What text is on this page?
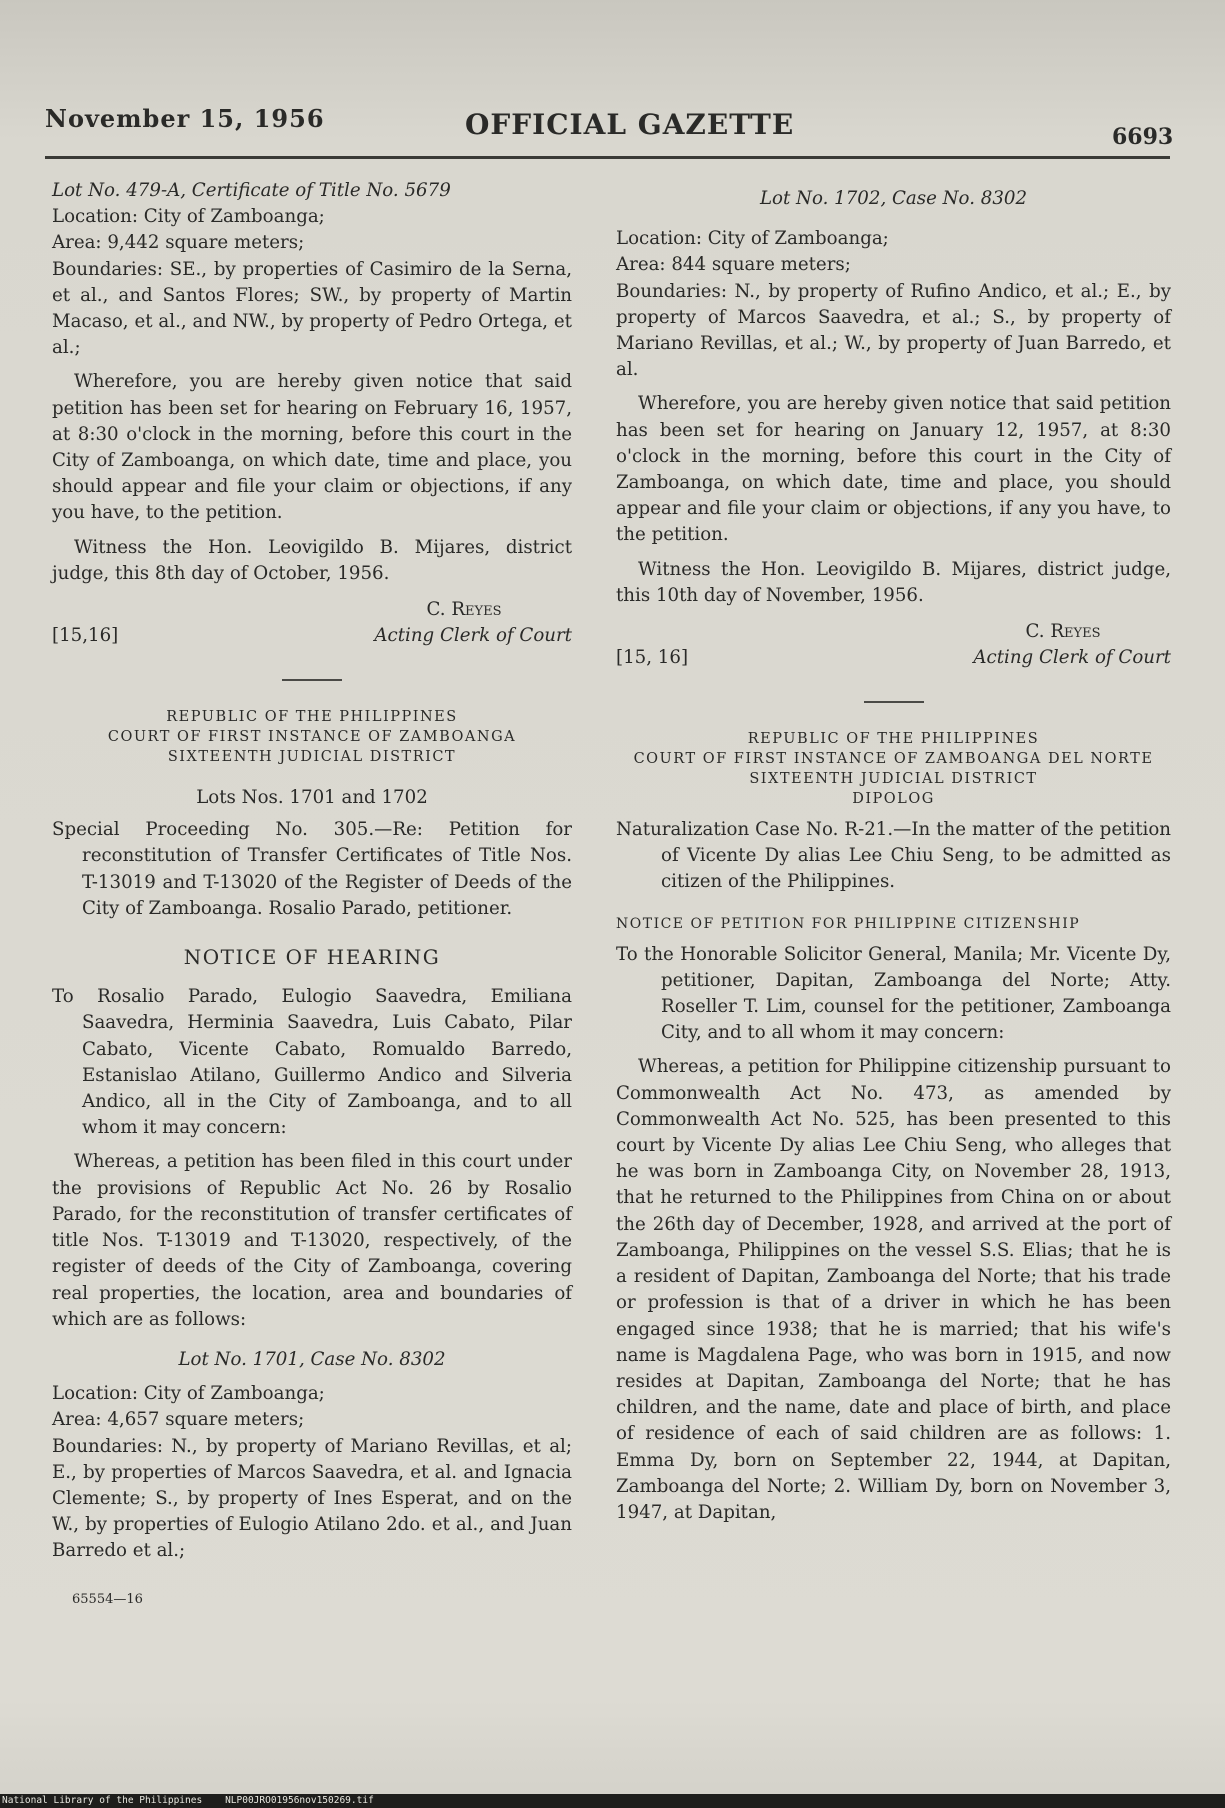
November 15, 1956	OFFICIAL GAZETTE	6693

Lot No. 479-A, Certificate of Title No. 5679

Location: City of Zamboanga;

Area: 9,442 square meters;

Boundaries: SE., by properties of Casimiro de la Serna, et al., and Santos Flores; SW., by property of Martin Macaso, et al., and NW., by property of Pedro Ortega, et al.;

Wherefore, you are hereby given notice that said petition has been set for hearing on February 16, 1957, at 8:30 o'clock in the morning, before this court in the City of Zamboanga, on which date, time and place, you should appear and file your claim or objections, if any you have, to the petition.

Witness the Hon. Leovigildo B. Mijares, district judge, this 8th day of October, 1956.

C. Reyes
[15,16]	Acting Clerk of Court

REPUBLIC OF THE PHILIPPINES

COURT OF FIRST INSTANCE OF ZAMBOANGA

SIXTEENTH JUDICIAL DISTRICT

Lots Nos. 1701 and 1702

Special Proceeding No. 305.—Re: Petition for reconstitution of Transfer Certificates of Title Nos. T-13019 and T-13020 of the Register of Deeds of the City of Zamboanga. Rosalio Parado, petitioner.

NOTICE OF HEARING

To Rosalio Parado, Eulogio Saavedra, Emiliana Saavedra, Herminia Saavedra, Luis Cabato, Pilar Cabato, Vicente Cabato, Romualdo Barredo, Estanislao Atilano, Guillermo Andico and Silveria Andico, all in the City of Zamboanga, and to all whom it may concern:

Whereas, a petition has been filed in this court under the provisions of Republic Act No. 26 by Rosalio Parado, for the reconstitution of transfer certificates of title Nos. T-13019 and T-13020, respectively, of the register of deeds of the City of Zamboanga, covering real properties, the location, area and boundaries of which are as follows:

Lot No. 1701, Case No. 8302

Location: City of Zamboanga;

Area: 4,657 square meters;

Boundaries: N., by property of Mariano Revillas, et al; E., by properties of Marcos Saavedra, et al. and Ignacia Clemente; S., by property of Ines Esperat, and on the W., by properties of Eulogio Atilano 2do. et al., and Juan Barredo et al.;

65554—16

Lot No. 1702, Case No. 8302

Location: City of Zamboanga;

Area: 844 square meters;

Boundaries: N., by property of Rufino Andico, et al.; E., by property of Marcos Saavedra, et al.; S., by property of Mariano Revillas, et al.; W., by property of Juan Barredo, et al.

Wherefore, you are hereby given notice that said petition has been set for hearing on January 12, 1957, at 8:30 o'clock in the morning, before this court in the City of Zamboanga, on which date, time and place, you should appear and file your claim or objections, if any you have, to the petition.

Witness the Hon. Leovigildo B. Mijares, district judge, this 10th day of November, 1956.

C. Reyes
[15, 16]	Acting Clerk of Court

REPUBLIC OF THE PHILIPPINES

COURT OF FIRST INSTANCE OF ZAMBOANGA DEL NORTE

SIXTEENTH JUDICIAL DISTRICT

DIPOLOG

Naturalization Case No. R-21.—In the matter of the petition of Vicente Dy alias Lee Chiu Seng, to be admitted as citizen of the Philippines.

NOTICE OF PETITION FOR PHILIPPINE CITIZENSHIP

To the Honorable Solicitor General, Manila; Mr. Vicente Dy, petitioner, Dapitan, Zamboanga del Norte; Atty. Roseller T. Lim, counsel for the petitioner, Zamboanga City, and to all whom it may concern:

Whereas, a petition for Philippine citizenship pursuant to Commonwealth Act No. 473, as amended by Commonwealth Act No. 525, has been presented to this court by Vicente Dy alias Lee Chiu Seng, who alleges that he was born in Zamboanga City, on November 28, 1913, that he returned to the Philippines from China on or about the 26th day of December, 1928, and arrived at the port of Zamboanga, Philippines on the vessel S.S. Elias; that he is a resident of Dapitan, Zamboanga del Norte; that his trade or profession is that of a driver in which he has been engaged since 1938; that he is married; that his wife's name is Magdalena Page, who was born in 1915, and now resides at Dapitan, Zamboanga del Norte; that he has children, and the name, date and place of birth, and place of residence of each of said children are as follows: 1. Emma Dy, born on September 22, 1944, at Dapitan, Zamboanga del Norte; 2. William Dy, born on November 3, 1947, at Dapitan,

National Library of the Philippines NLP00JRO01956nov150269.tif
